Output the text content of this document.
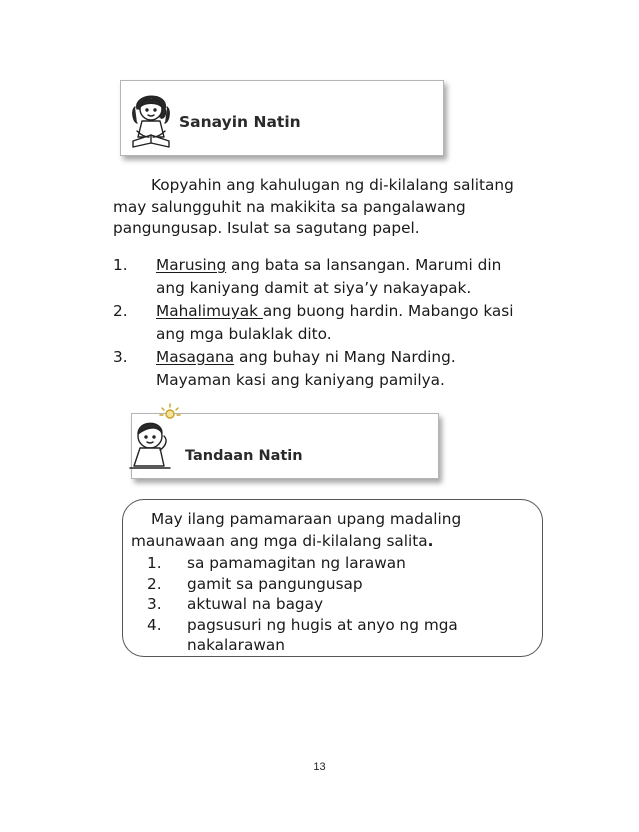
Sanayin Natin

Kopyahin ang kahulugan ng di-kilalang salitang

may salungguhit na makikita sa pangalawang

pangungusap. Isulat sa sagutang papel.

1. Marusing ang bata sa lansangan. Marumi din
ang kaniyang damit at siya’y nakayapak.
2. Mahalimuyak ang buong hardin. Mabango kasi
ang mga bulaklak dito.
3. Masagana ang buhay ni Mang Narding.
Mayaman kasi ang kaniyang pamilya.
Tandaan Natin

May ilang pamamaraan upang madaling

maunawaan ang mga di-kilalang salita.

1. sa pamamagitan ng larawan
2. gamit sa pangungusap
3. aktuwal na bagay
4. pagsusuri ng hugis at anyo ng mga
nakalarawan
13
